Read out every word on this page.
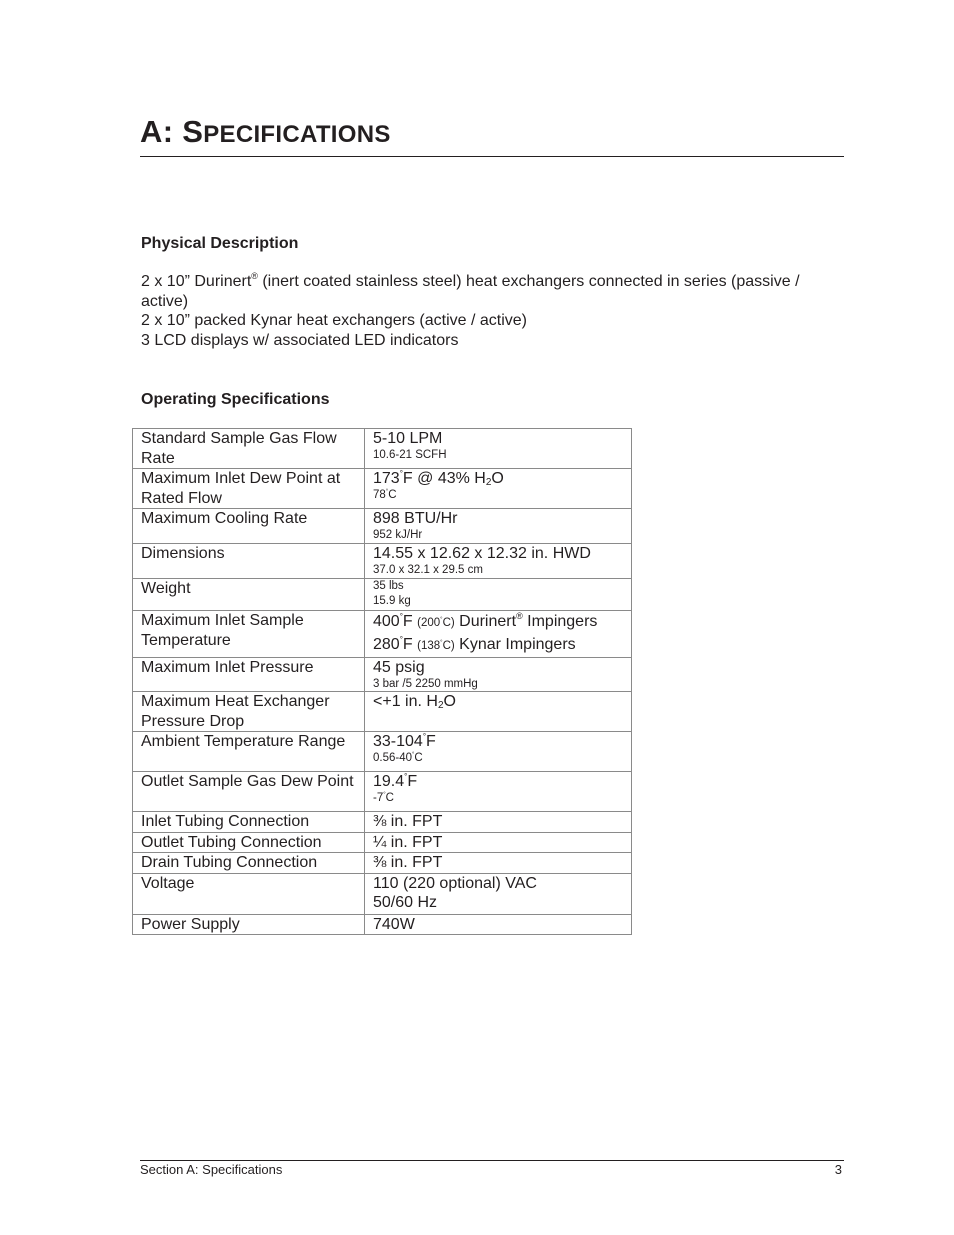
A: SPECIFICATIONS
Physical Description
2 x 10” Durinert® (inert coated stainless steel) heat exchangers connected in series (passive / active)
2 x 10” packed Kynar heat exchangers (active / active)
3 LCD displays w/ associated LED indicators
Operating Specifications
Standard Sample Gas Flow Rate	5-10 LPM
10.6-21 SCFH

Maximum Inlet Dew Point at Rated Flow	173°F @ 43% $H_2O$
78°C

Maximum Cooling Rate	898 BTU/Hr
952 kJ/Hr

Dimensions	14.55 x 12.62 x 12.32 in. HWD
37.0 x 32.1 x 29.5 cm

Weight	35 lbs
15.9 kg

Maximum Inlet Sample Temperature	400°F (200°C) Durinert® Impingers
280°F (138°C) Kynar Impingers

Maximum Inlet Pressure	45 psig
3 bar /5 2250 mmHg

Maximum Heat Exchanger Pressure Drop	<+1 in. $H_2O$
Ambient Temperature Range	33-104°F
0.56-40°C

Outlet Sample Gas Dew Point	19.4°F
-7°C

Inlet Tubing Connection	⅜ in. FPT
Outlet Tubing Connection	¼ in. FPT
Drain Tubing Connection	⅜ in. FPT
Voltage	110 (220 optional) VAC
50/60 Hz

Power Supply	740W
Section A: Specifications	3
